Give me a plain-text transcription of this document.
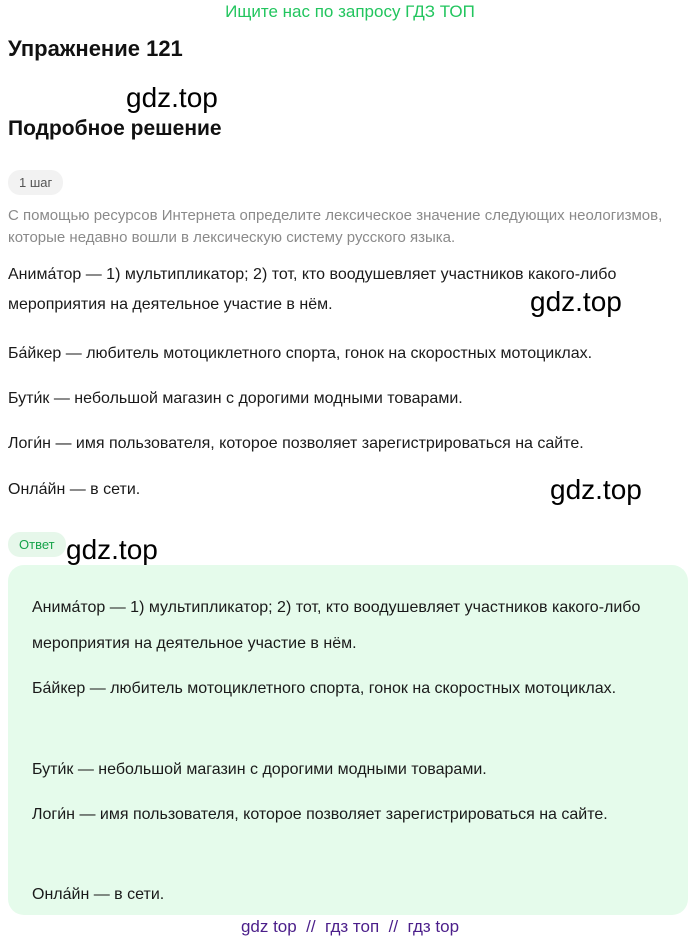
Ищите нас по запросу ГДЗ ТОП
Упражнение 121
gdz.top
Подробное решение
1 шаг
С помощью ресурсов Интернета определите лексическое значение следующих неологизмов, которые недавно вошли в лексическую систему русского языка.
Анима́тор — 1) мультипликатор; 2) тот, кто воодушевляет участников какого-либо мероприятия на деятельное участие в нём.	gdz.top
Ба́йкер — любитель мотоциклетного спорта, гонок на скоростных мотоциклах.
Бути́к — небольшой магазин с дорогими модными товарами.
Логи́н — имя пользователя, которое позволяет зарегистрироваться на сайте.
Онла́йн — в сети.	gdz.top
Ответ gdz.top
Анима́тор — 1) мультипликатор; 2) тот, кто воодушевляет участников какого-либо мероприятия на деятельное участие в нём.
Ба́йкер — любитель мотоциклетного спорта, гонок на скоростных мотоциклах.
Бути́к — небольшой магазин с дорогими модными товарами.
Логи́н — имя пользователя, которое позволяет зарегистрироваться на сайте.
Онла́йн — в сети.
gdz top  //  гдз топ  //  гдз top
